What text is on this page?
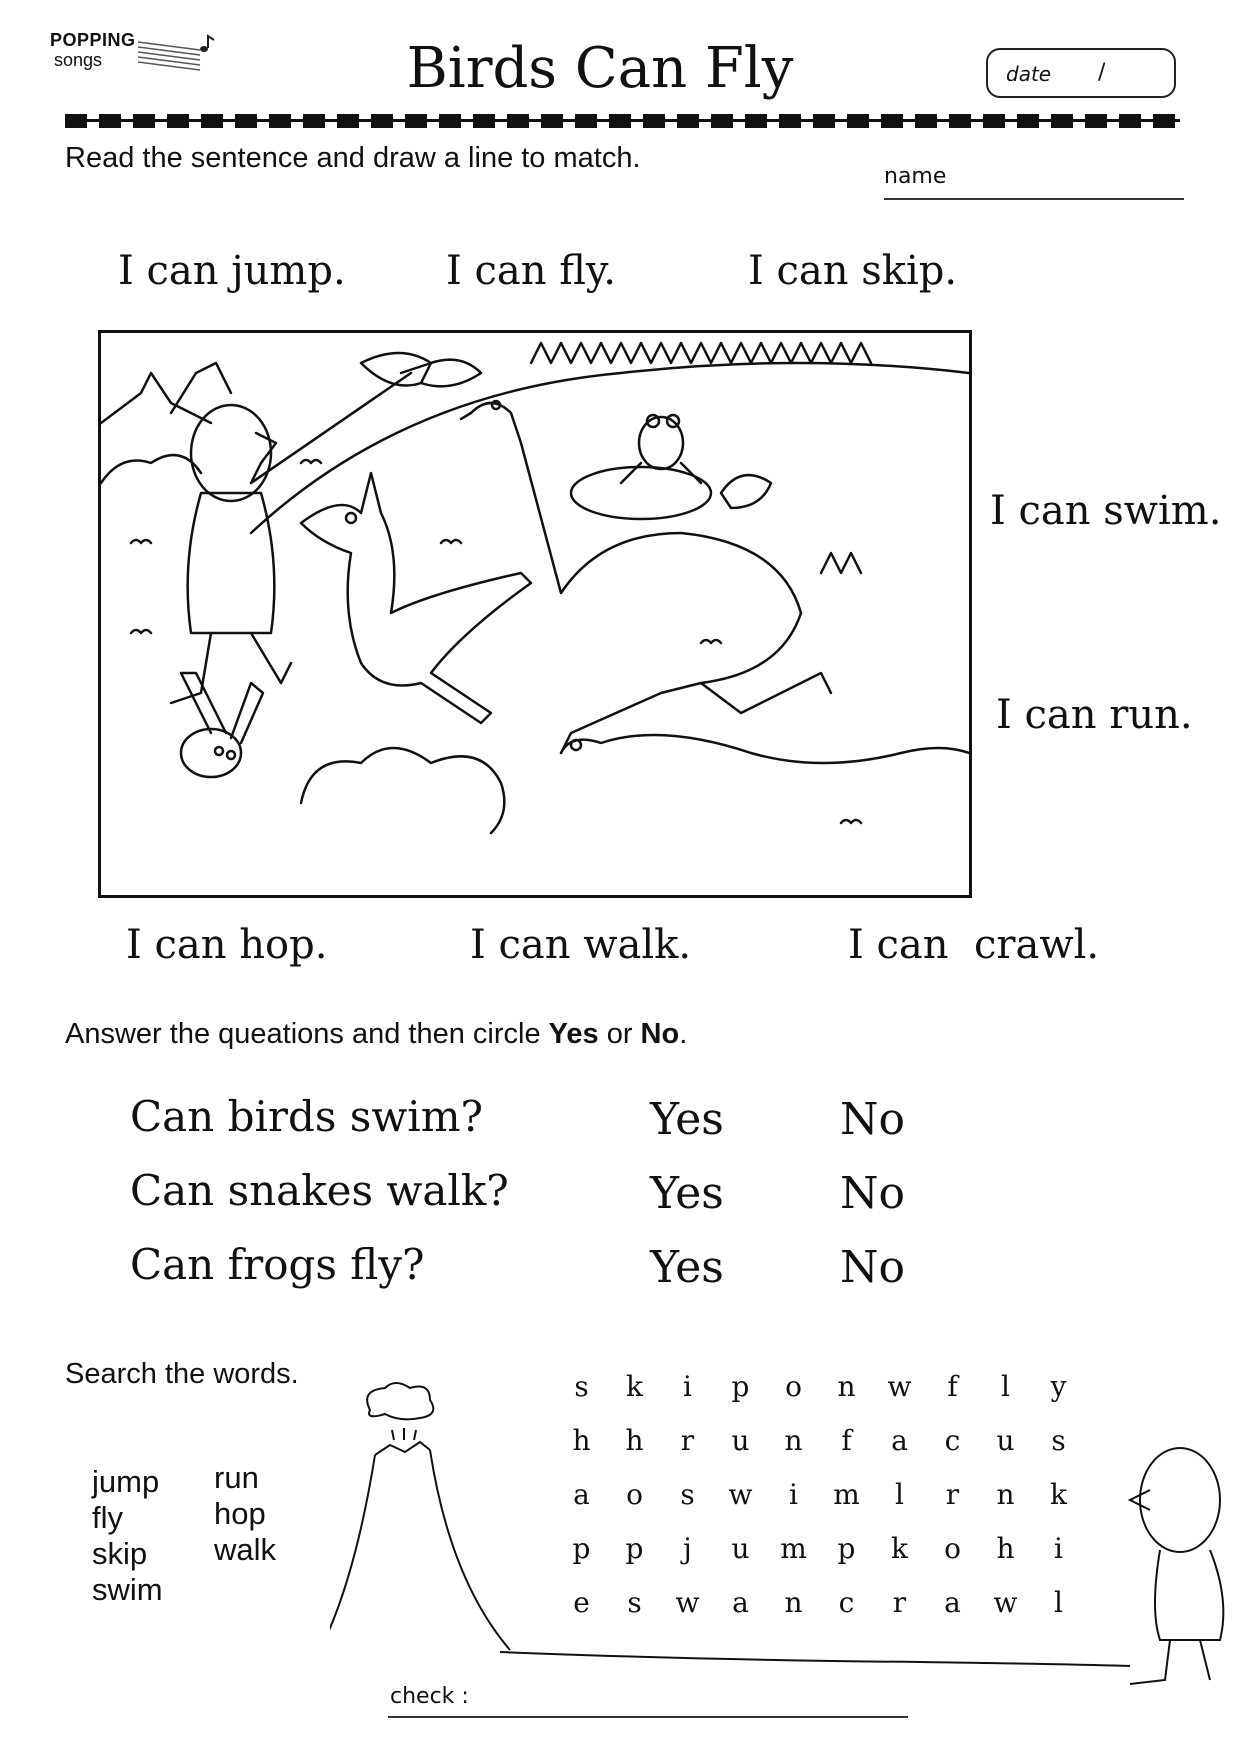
POPPING
songs	Birds Can Fly	date /
Read the sentence and draw a line to match.
name
I can jump.	I can fly.	I can skip.
I can swim.
I can run.
I can hop.	I can walk.	I can  crawl.
Answer the queations and then circle Yes or No.
Can birds swim?	Yes	No
Can snakes walk?	Yes	No
Can frogs fly?	Yes	No
Search the words.
jump
fly
skip
swim
run
hop
walk
s	k	i	p	o	n	w	f	l	y
h	h	r	u	n	f	a	c	u	s
a	o	s	w	i	m	l	r	n	k
p	p	j	u	m	p	k	o	h	i
e	s	w	a	n	c	r	a	w	l
check :
